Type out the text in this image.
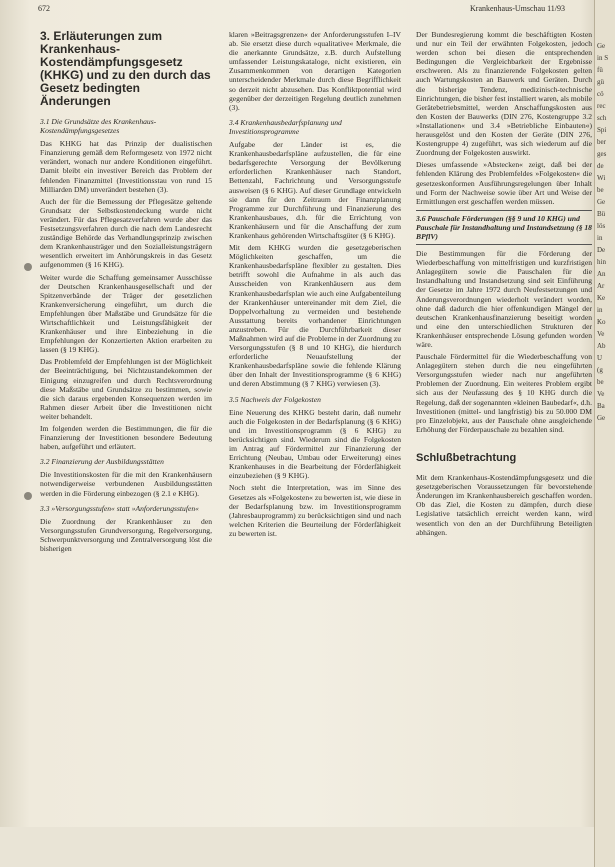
672	Krankenhaus-Umschau 11/93
3. Erläuterungen zum Krankenhaus-Kostendämpfungsgesetz (KHKG) und zu den durch das Gesetz bedingten Änderungen
3.1 Die Grundsätze des Krankenhaus-Kostendämpfungsgesetzes

Das KHKG hat das Prinzip der dualistischen Finanzierung gemäß dem Reformgesetz von 1972 nicht verändert, wonach nur andere Konditionen eingeführt. Damit bleibt ein investiver Bereich das Problem der fehlenden Finanzmittel (Investitionsstau von rund 15 Milliarden DM) unverändert bestehen (3).

Auch der für die Bemessung der Pflegesätze geltende Grundsatz der Selbstkostendeckung wurde nicht verändert. Für das Pflegesatzverfahren wurde aber das Festsetzungsverfahren durch die nach dem Landesrecht zuständige Behörde das Verhandlungsprinzip zwischen dem Krankenhausträger und den Sozialleistungsträgern wesentlich erweitert im Anhörungskreis in das Gesetz aufgenommen (§ 16 KHG).

Weiter wurde die Schaffung gemeinsamer Ausschüsse der Deutschen Krankenhausgesellschaft und der Spitzenverbände der Träger der gesetzlichen Krankenversicherung eingeführt, um durch die Empfehlungen über Maßstäbe und Grundsätze für die Wirtschaftlichkeit und Leistungsfähigkeit der Krankenhäuser und ihre Einbeziehung in die Empfehlungen der Konzertierten Aktion erarbeiten zu lassen (§ 19 KHG).

Das Problemfeld der Empfehlungen ist der Möglichkeit der Beeinträchtigung, bei Nichtzustandekommen der Einigung einzugreifen und durch Rechtsverordnung diese Maßstäbe und Grundsätze zu bestimmen, sowie die sich daraus ergebenden Konsequenzen werden im Rahmen dieser Arbeit über die Investitionen nicht weiter behandelt.

Im folgenden werden die Bestimmungen, die für die Finanzierung der Investitionen besondere Bedeutung haben, aufgeführt und erläutert.

3.2 Finanzierung der Ausbildungsstätten

Die Investitionskosten für die mit den Krankenhäusern notwendigerweise verbundenen Ausbildungsstätten werden in die Förderung einbezogen (§ 2.1 e KHG).

3.3 »Versorgungsstufen« statt »Anforderungsstufen«

Die Zuordnung der Krankenhäuser zu den Versorgungsstufen Grundversorgung, Regelversorgung, Schwerpunktversorgung und Zentralversorgung löst die bisherigen

klaren »Beitragsgrenzen« der Anforderungsstufen I–IV ab. Sie ersetzt diese durch »qualitative« Merkmale, die die anerkannte Grundsätze, z.B. durch Aufstellung umfassender Leistungskataloge, nicht existieren, ein Zusammenkommen von derartigen Kategorien unterscheidender Merkmale durch diese Begrifflichkeit so derzeit nicht abzusehen. Das Konfliktpotential wird gegenüber der derzeitigen Regelung deutlich zunehmen (3).

3.4 Krankenhausbedarfsplanung und Investitionsprogramme

Aufgabe der Länder ist es, die Krankenhausbedarfspläne aufzustellen, die für eine bedarfsgerechte Versorgung der Bevölkerung erforderlichen Krankenhäuser nach Standort, Bettenzahl, Fachrichtung und Versorgungsstufe ausweisen (§ 6 KHG). Auf dieser Grundlage entwickeln sie dann für den Zeitraum der Finanzplanung Programme zur Durchführung und Finanzierung des Krankenhausbaues, d.h. für die Errichtung von Krankenhäusern und für die Anschaffung der zum Krankenhaus gehörenden Wirtschaftsgüter (§ 6 KHG).

Mit dem KHKG wurden die gesetzgeberischen Möglichkeiten geschaffen, um die Krankenhausbedarfspläne flexibler zu gestalten. Dies betrifft sowohl die Aufnahme in als auch das Ausscheiden von Krankenhäusern aus dem Krankenhausbedarfsplan wie auch eine Aufgabenteilung der Krankenhäuser untereinander mit dem Ziel, die Doppelvorhaltung zu vermeiden und bestehende Ausstattung bereits vorhandener Einrichtungen anzustreben. Für die Durchführbarkeit dieser Maßnahmen wird auf die Probleme in der Zuordnung zu Versorgungsstufen (§ 8 und 10 KHG), die hierdurch erforderliche Neuaufstellung der Krankenhausbedarfspläne sowie die fehlende Klärung über den Inhalt der Investitionsprogramme (§ 6 KHG) und deren Abstimmung (§ 7 KHG) verwiesen (3).

3.5 Nachweis der Folgekosten

Eine Neuerung des KHKG besteht darin, daß numehr auch die Folgekosten in der Bedarfsplanung (§ 6 KHG) und im Investitionsprogramm (§ 6 KHG) zu berücksichtigen sind. Wiederum sind die Folgekosten im Antrag auf Fördermittel zur Finanzierung der Errichtung (Neubau, Umbau oder Erweiterung) eines Krankenhauses in die Bearbeitung der Förderfähigkeit einzubeziehen (§ 9 KHG).

Noch steht die Interpretation, was im Sinne des Gesetzes als »Folgekosten« zu bewerten ist, wie diese in der Bedarfsplanung bzw. im Investitionsprogramm (Jahresbauprogramm) zu berücksichtigen sind und nach welchen Kriterien die Beurteilung der Förderfähigkeit zu bewerten ist.

Der Bundesregierung kommt die beschäftigten Kosten und nur ein Teil der erwähnten Folgekosten, jedoch werden schon bei diesen die entsprechenden Bedingungen die Vergleichbarkeit der Ergebnisse erschweren. Als zu finanzierende Folgekosten gelten auch Wartungskosten an Bauwerk und Geräten. Durch die bisherige Tendenz, medizinisch-technische Einrichtungen, die bisher fest installiert waren, als mobile Gerätebetriebsmittel, werden Anschaffungskosten aus den Kosten der Bauwerks (DIN 276, Kostengruppe 3.2 »Installationen« und 3.4 »Betriebliche Einbauten«) herausgelöst und den Kosten der Geräte (DIN 276, Kostengruppe 4) zugeführt, was sich wiederum auf die Zuordnung der Folgekosten auswirkt.

Dieses umfassende »Abstecken« zeigt, daß bei der fehlenden Klärung des Problemfeldes »Folgekosten« die gesetzeskonformen Ausführungsregelungen über Inhalt und Form der Nachweise sowie über Art und Weise der Ermittlungen erst geschaffen werden müssen.

3.6 Pauschale Förderungen (§§ 9 und 10 KHG) und Pauschale für Instandhaltung und Instandsetzung (§ 18 BPflV)

Die Bestimmungen für die Förderung der Wiederbeschaffung von mittelfristigen und kurzfristigen Anlagegütern sowie die Pauschalen für die Instandhaltung und Instandsetzung sind seit Einführung der Gesetze im Jahre 1972 durch Neufestsetzungen und Änderungsverordnungen wiederholt verändert worden, ohne daß dadurch die hier offenkundigen Mängel der deutschen Krankenhausfinanzierung beseitigt worden und eine den unterschiedlichen Strukturen der Krankenhäuser entsprechende Lösung gefunden worden wäre.

Pauschale Fördermittel für die Wiederbeschaffung von Anlagegütern stehen durch die neu eingeführten Versorgungsstufen wieder nach nur angeführten Problemen der Zuordnung. Ein weiteres Problem ergibt sich aus der Neufassung des § 10 KHG durch die Regelung, daß der sogenannten »kleinen Baubedarf«, d.h. Investitionen (mittel- und langfristig) bis zu 50.000 DM pro Einzelobjekt, aus der Pauschale ohne ausgleichende Erhöhung der Förderpauschale zu bezahlen sind.

Schlußbetrachtung

Mit dem Krankenhaus-Kostendämpfungsgesetz und die gesetzgeberischen Voraussetzungen für bevorstehende Änderungen im Krankenhausbereich geschaffen worden. Ob das Ziel, die Kosten zu dämpfen, durch diese Legislative tatsächlich erreicht werden kann, wird wesentlich von den an der Durchführung Beteiligten abhängen.

Ge
in S
fü
gü
cö
rec
sch
Spi
ber
ges
de
Wi
be
Ge
Bü
lös
in
De
hin
An
Ar
Ke
in
Ko
Ve
Ab
U
(g
be
Ve
Ba
Ge
